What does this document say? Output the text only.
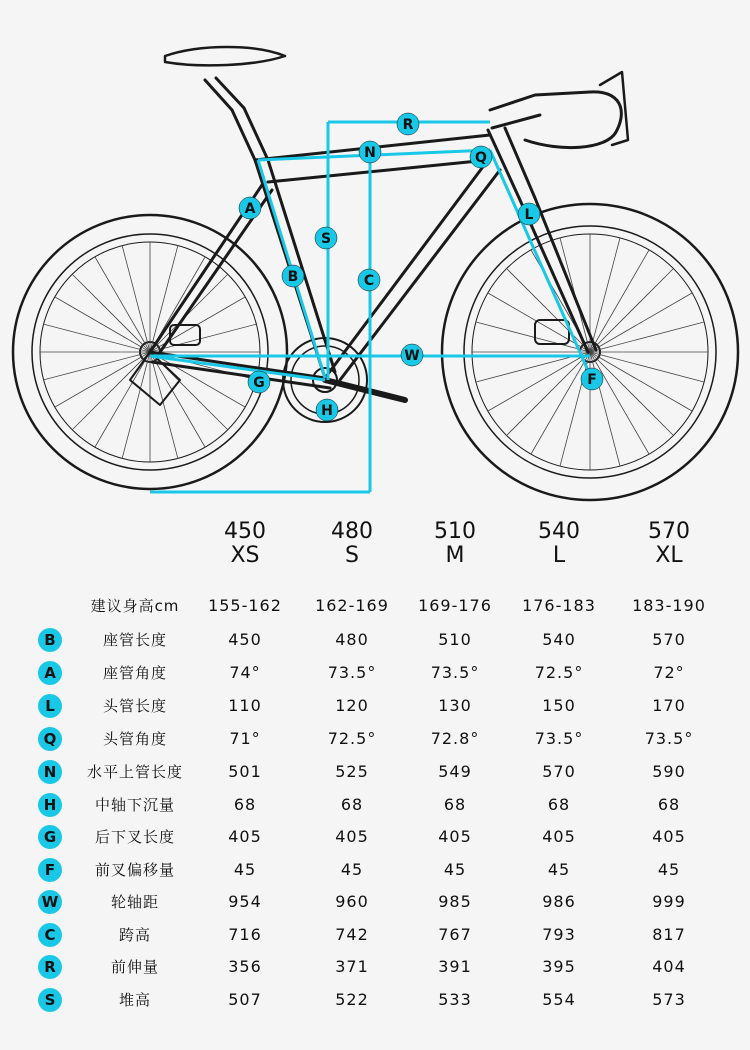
R
N	Q
A	L
S
B	C
W
G	F
H
450
XS
480
S
510
M
540
L
570
XL
建议身高cm	155-162	162-169	169-176	176-183	183-190
B	座管长度	450	480	510	540	570
A	座管角度	74°	73.5°	73.5°	72.5°	72°
L	头管长度	110	120	130	150	170
Q	头管角度	71°	72.5°	72.8°	73.5°	73.5°
N	水平上管长度	501	525	549	570	590
H	中轴下沉量	68	68	68	68	68
G	后下叉长度	405	405	405	405	405
F	前叉偏移量	45	45	45	45	45
W	轮轴距	954	960	985	986	999
C	跨高	716	742	767	793	817
R	前伸量	356	371	391	395	404
S	堆高	507	522	533	554	573
